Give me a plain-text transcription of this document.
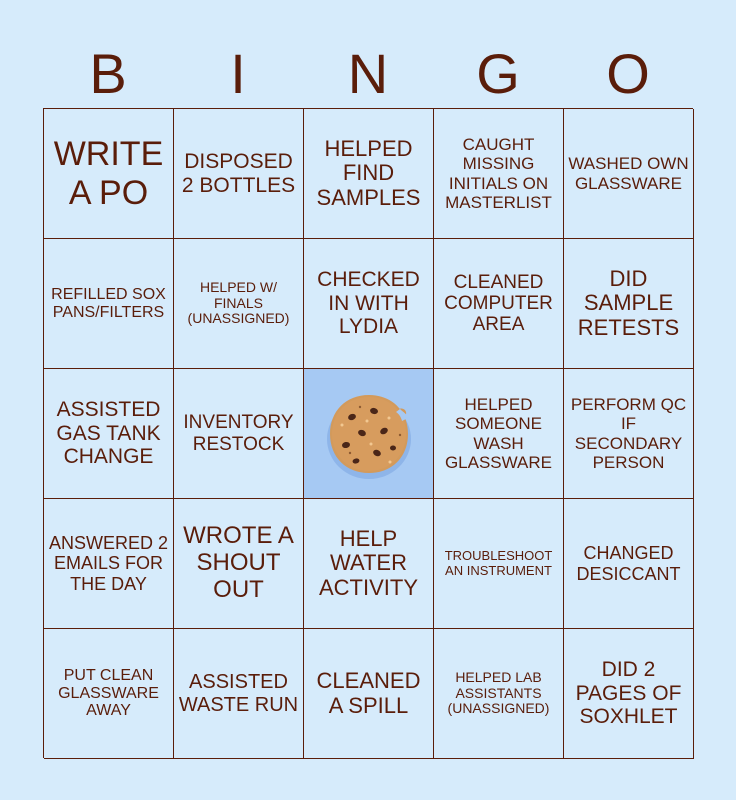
B	I	N	G	O
WRITE A PO
DISPOSED 2 BOTTLES
HELPED FIND SAMPLES
CAUGHT MISSING INITIALS ON MASTERLIST
WASHED OWN GLASSWARE
REFILLED SOX PANS/FILTERS
HELPED W/ FINALS (UNASSIGNED)
CHECKED IN WITH LYDIA
CLEANED COMPUTER AREA
DID SAMPLE RETESTS
ASSISTED GAS TANK CHANGE
INVENTORY RESTOCK
HELPED SOMEONE WASH GLASSWARE
PERFORM QC IF SECONDARY PERSON
ANSWERED 2 EMAILS FOR THE DAY
WROTE A SHOUT OUT
HELP WATER ACTIVITY
TROUBLESHOOT AN INSTRUMENT
CHANGED DESICCANT
PUT CLEAN GLASSWARE AWAY
ASSISTED WASTE RUN
CLEANED A SPILL
HELPED LAB ASSISTANTS (UNASSIGNED)
DID 2 PAGES OF SOXHLET
